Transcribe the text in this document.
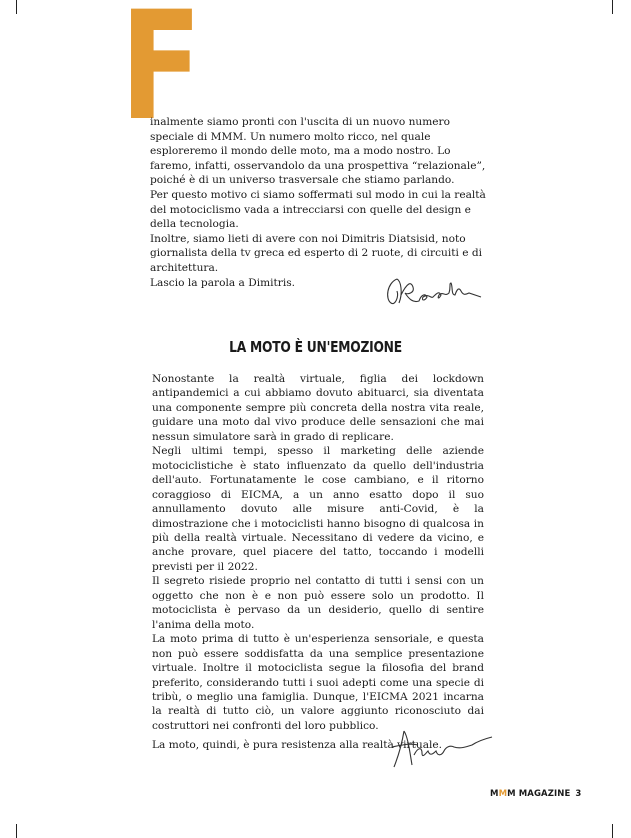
F

inalmente siamo pronti con l'uscita di un nuovo numero speciale di MMM. Un numero molto ricco, nel quale esploreremo il mondo delle moto, ma a modo nostro. Lo faremo, infatti, osservandolo da una prospettiva “relazionale”, poiché è di un universo trasversale che stiamo parlando.

Per questo motivo ci siamo soffermati sul modo in cui la realtà del motociclismo vada a intrecciarsi con quelle del design e della tecnologia.

Inoltre, siamo lieti di avere con noi Dimitris Diatsisid, noto giornalista della tv greca ed esperto di 2 ruote, di circuiti e di architettura.

Lascio la parola a Dimitris.

LA MOTO È UN'EMOZIONE

Nonostante la realtà virtuale, figlia dei lockdown antipandemici a cui abbiamo dovuto abituarci, sia diventata una componente sempre più concreta della nostra vita reale, guidare una moto dal vivo produce delle sensazioni che mai nessun simulatore sarà in grado di replicare.

Negli ultimi tempi, spesso il marketing delle aziende motociclistiche è stato influenzato da quello dell'industria dell'auto. Fortunatamente le cose cambiano, e il ritorno coraggioso di EICMA, a un anno esatto dopo il suo annullamento dovuto alle misure anti-Covid, è la dimostrazione che i motociclisti hanno bisogno di qualcosa in più della realtà virtuale. Necessitano di vedere da vicino, e anche provare, quel piacere del tatto, toccando i modelli previsti per il 2022.

Il segreto risiede proprio nel contatto di tutti i sensi con un oggetto che non è e non può essere solo un prodotto. Il motociclista è pervaso da un desiderio, quello di sentire l'anima della moto.

La moto prima di tutto è un'esperienza sensoriale, e questa non può essere soddisfatta da una semplice presentazione virtuale. Inoltre il motociclista segue la filosofia del brand preferito, considerando tutti i suoi adepti come una specie di tribù, o meglio una famiglia. Dunque, l'EICMA 2021 incarna la realtà di tutto ciò, un valore aggiunto riconosciuto dai costruttori nei confronti del loro pubblico.

La moto, quindi, è pura resistenza alla realtà virtuale.

MMM MAGAZINE 3
